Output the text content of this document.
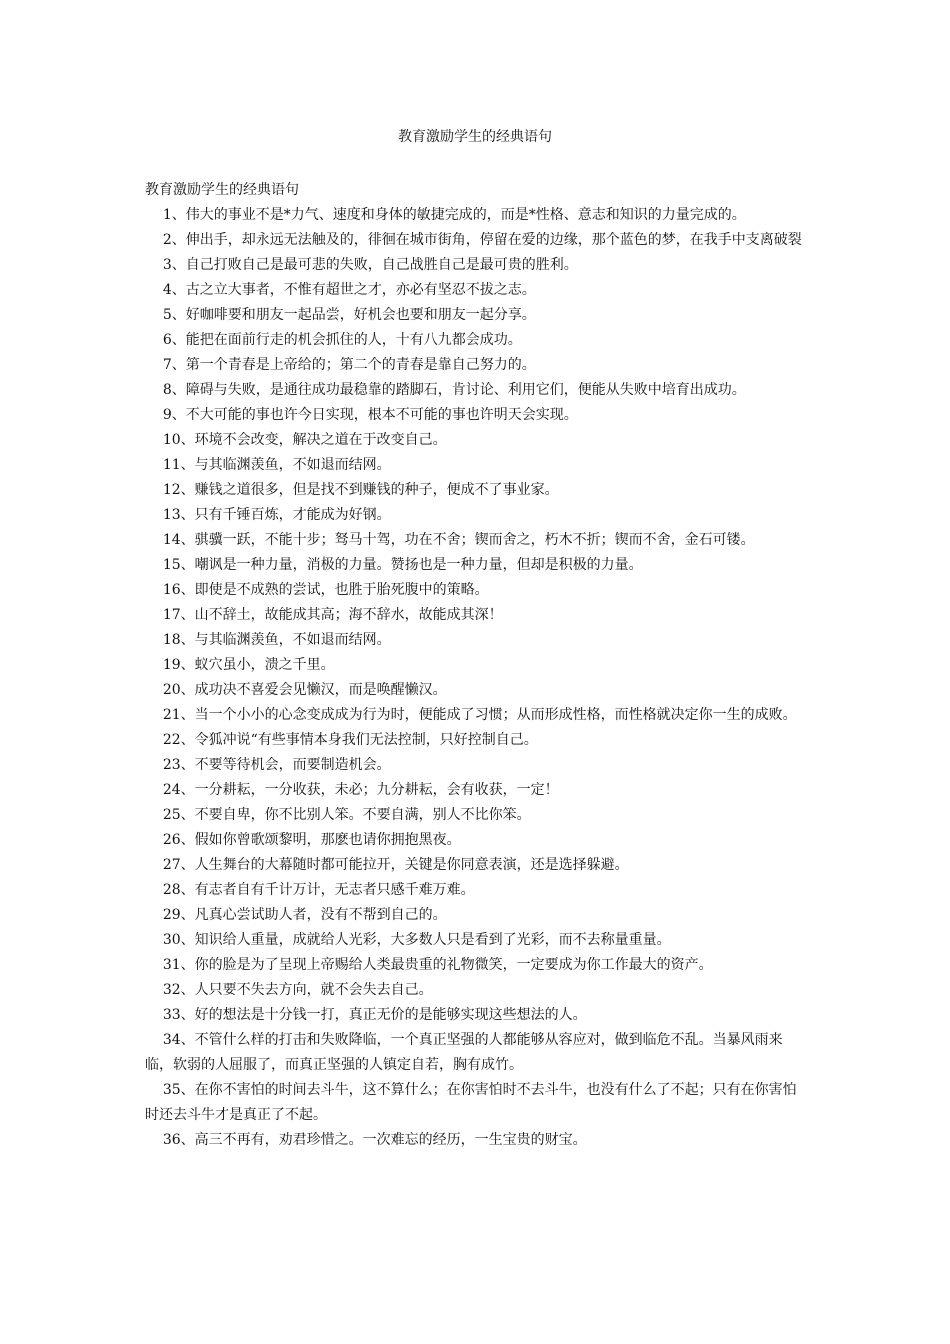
教育激励学生的经典语句

教育激励学生的经典语句

1、伟大的事业不是*力气、速度和身体的敏捷完成的，而是*性格、意志和知识的力量完成的。

2、伸出手，却永远无法触及的，徘徊在城市街角，停留在爱的边缘，那个蓝色的梦，在我手中支离破裂

3、自己打败自己是最可悲的失败，自己战胜自己是最可贵的胜利。

4、古之立大事者，不惟有超世之才，亦必有坚忍不拔之志。

5、好咖啡要和朋友一起品尝，好机会也要和朋友一起分享。

6、能把在面前行走的机会抓住的人，十有八九都会成功。

7、第一个青春是上帝给的；第二个的青春是靠自己努力的。

8、障碍与失败，是通往成功最稳靠的踏脚石，肯讨论、利用它们，便能从失败中培育出成功。

9、不大可能的事也许今日实现，根本不可能的事也许明天会实现。

10、环境不会改变，解决之道在于改变自己。

11、与其临渊羡鱼，不如退而结网。

12、赚钱之道很多，但是找不到赚钱的种子，便成不了事业家。

13、只有千锤百炼，才能成为好钢。

14、骐骥一跃，不能十步；驽马十驾，功在不舍；锲而舍之，朽木不折；锲而不舍，金石可镂。

15、嘲讽是一种力量，消极的力量。赞扬也是一种力量，但却是积极的力量。

16、即使是不成熟的尝试，也胜于胎死腹中的策略。

17、山不辞土，故能成其高；海不辞水，故能成其深！

18、与其临渊羡鱼，不如退而结网。

19、蚁穴虽小，溃之千里。

20、成功决不喜爱会见懒汉，而是唤醒懒汉。

21、当一个小小的心念变成成为行为时，便能成了习惯；从而形成性格，而性格就决定你一生的成败。

22、令狐冲说“有些事情本身我们无法控制，只好控制自己。

23、不要等待机会，而要制造机会。

24、一分耕耘，一分收获，未必；九分耕耘，会有收获，一定！

25、不要自卑，你不比别人笨。不要自满，别人不比你笨。

26、假如你曾歌颂黎明，那麽也请你拥抱黑夜。

27、人生舞台的大幕随时都可能拉开，关键是你同意表演，还是选择躲避。

28、有志者自有千计万计，无志者只感千难万难。

29、凡真心尝试助人者，没有不帮到自己的。

30、知识给人重量，成就给人光彩，大多数人只是看到了光彩，而不去称量重量。

31、你的脸是为了呈现上帝赐给人类最贵重的礼物微笑，一定要成为你工作最大的资产。

32、人只要不失去方向，就不会失去自己。

33、好的想法是十分钱一打，真正无价的是能够实现这些想法的人。

34、不管什么样的打击和失败降临，一个真正坚强的人都能够从容应对，做到临危不乱。当暴风雨来临，软弱的人屈服了，而真正坚强的人镇定自若，胸有成竹。

35、在你不害怕的时间去斗牛，这不算什么；在你害怕时不去斗牛，也没有什么了不起；只有在你害怕时还去斗牛才是真正了不起。

36、高三不再有，劝君珍惜之。一次难忘的经历，一生宝贵的财宝。
